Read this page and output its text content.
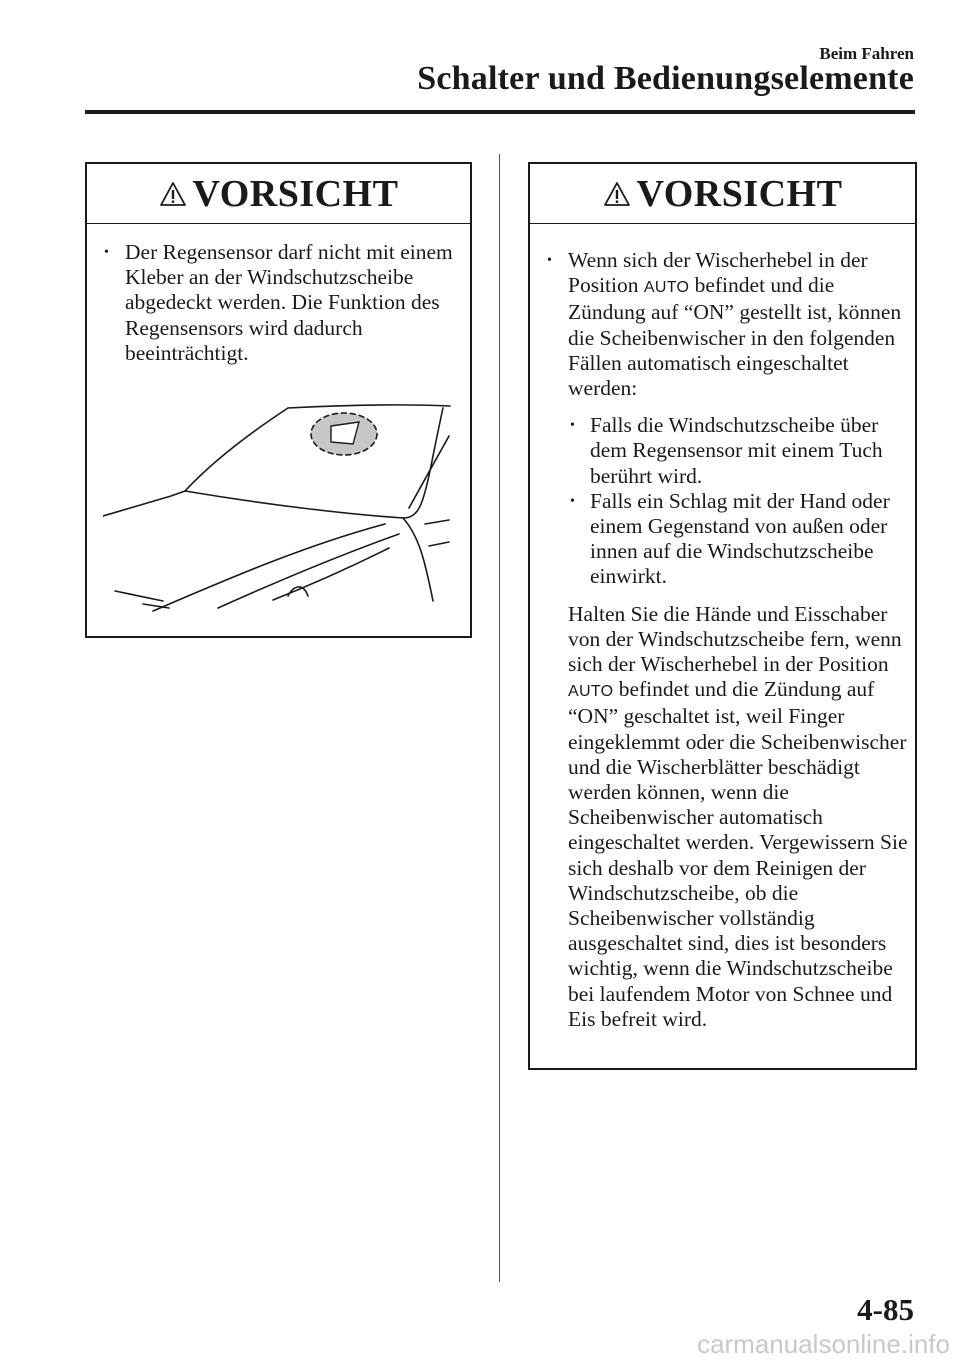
Beim Fahren
Schalter und Bedienungselemente
VORSICHT
• Der Regensensor darf nicht mit einem Kleber an der Windschutzscheibe abgedeckt werden. Die Funktion des Regensensors wird dadurch beeinträchtigt.
VORSICHT
• Wenn sich der Wischerhebel in der Position AUTO befindet und die Zündung auf “ON” gestellt ist, können die Scheibenwischer in den folgenden Fällen automatisch eingeschaltet werden:
• Falls die Windschutzscheibe über dem Regensensor mit einem Tuch berührt wird.
• Falls ein Schlag mit der Hand oder einem Gegenstand von außen oder innen auf die Windschutzscheibe einwirkt.
Halten Sie die Hände und Eisschaber von der Windschutzscheibe fern, wenn sich der Wischerhebel in der Position AUTO befindet und die Zündung auf “ON” geschaltet ist, weil Finger eingeklemmt oder die Scheibenwischer und die Wischerblätter beschädigt werden können, wenn die Scheibenwischer automatisch eingeschaltet werden. Vergewissern Sie sich deshalb vor dem Reinigen der Windschutzscheibe, ob die Scheibenwischer vollständig ausgeschaltet sind, dies ist besonders wichtig, wenn die Windschutzscheibe bei laufendem Motor von Schnee und Eis befreit wird.
4-85
carmanualsonline.info
